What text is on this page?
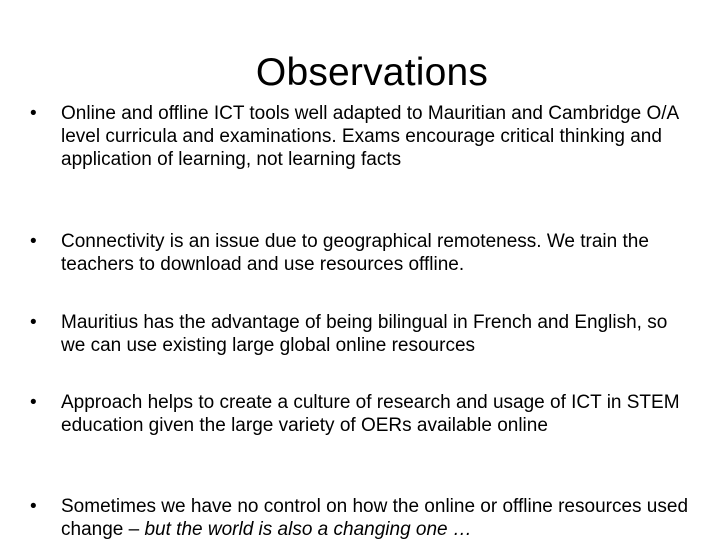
Observations
•	Online and offline ICT tools well adapted to Mauritian and Cambridge O/A level curricula and examinations. Exams encourage critical thinking and application of learning, not learning facts
•	Connectivity is an issue due to geographical remoteness. We train the teachers to download and use resources offline.
•	Mauritius has the advantage of being bilingual in French and English, so we can use existing large global online resources
•	Approach helps to create a culture of research and usage of ICT in STEM education given the large variety of OERs available online
•	Sometimes we have no control on how the online or offline resources used change – but the world is also a changing one …
